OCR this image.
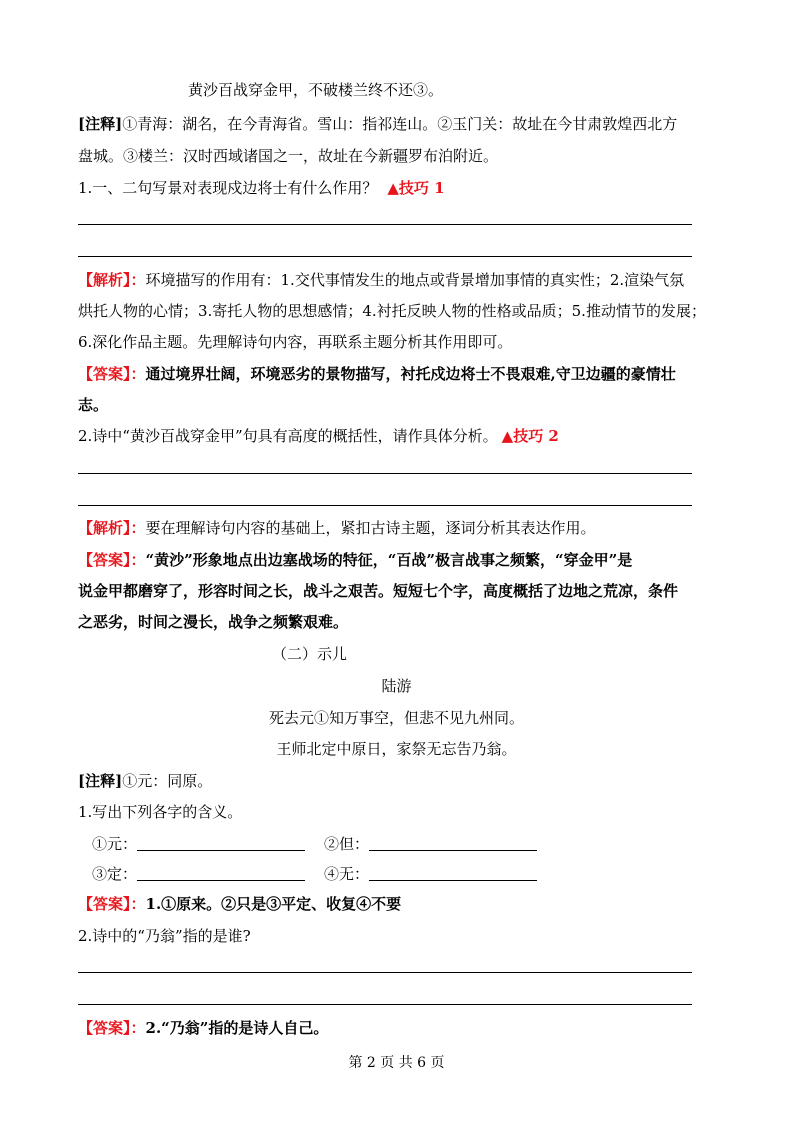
黄沙百战穿金甲，不破楼兰终不还③。
[注释]①青海：湖名，在今青海省。雪山：指祁连山。②玉门关：故址在今甘肃敦煌西北方
盘城。③楼兰：汉时西域诸国之一，故址在今新疆罗布泊附近。
1.一、二句写景对表现戍边将士有什么作用？ ▲技巧 1
【解析】：环境描写的作用有：1.交代事情发生的地点或背景增加事情的真实性；2.渲染气氛
烘托人物的心情；3.寄托人物的思想感情；4.衬托反映人物的性格或品质；5.推动情节的发展；
6.深化作品主题。先理解诗句内容，再联系主题分析其作用即可。
【答案】：通过境界壮阔，环境恶劣的景物描写，衬托戍边将士不畏艰难,守卫边疆的豪情壮
志。
2.诗中“黄沙百战穿金甲”句具有高度的概括性，请作具体分析。 ▲技巧 2
【解析】：要在理解诗句内容的基础上，紧扣古诗主题，逐词分析其表达作用。
【答案】：“黄沙”形象地点出边塞战场的特征，“百战”极言战事之频繁，“穿金甲”是
说金甲都磨穿了，形容时间之长，战斗之艰苦。短短七个字，高度概括了边地之荒凉，条件
之恶劣，时间之漫长，战争之频繁艰难。
（二）示儿
陆游
死去元①知万事空，但悲不见九州同。
王师北定中原日，家祭无忘告乃翁。
[注释]①元：同原。
1.写出下列各字的含义。
①元：	②但：
③定：	④无：
【答案】：1.①原来。②只是③平定、收复④不要
2.诗中的“乃翁”指的是谁?
【答案】：2.“乃翁”指的是诗人自己。
第 2 页 共 6 页
